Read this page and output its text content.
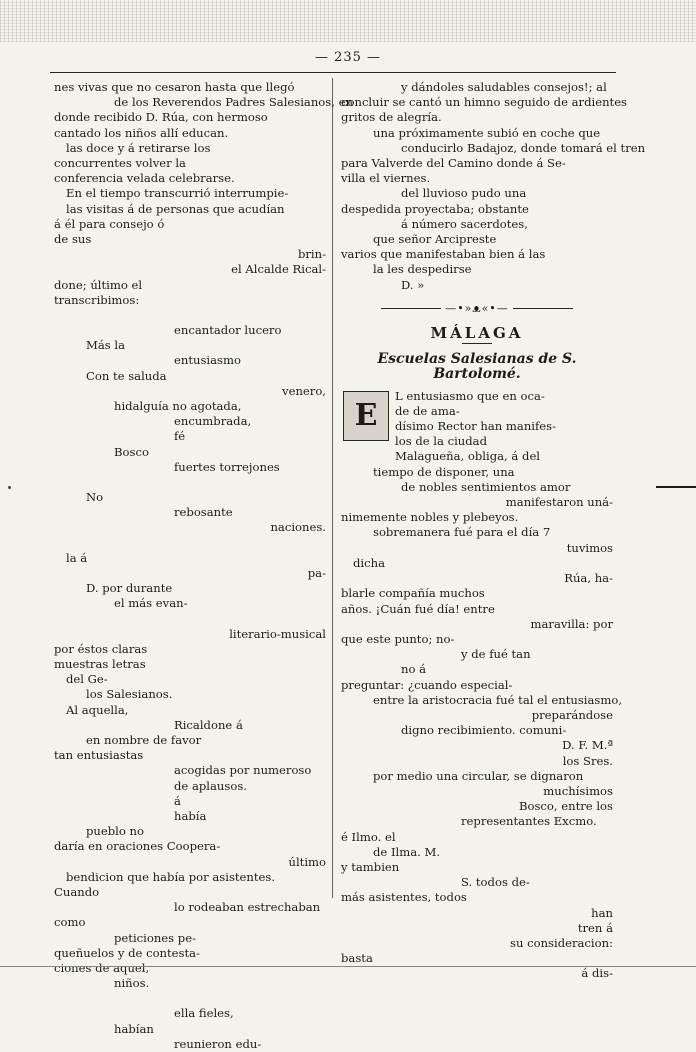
— 235 —

nes vivas que no cesaron hasta que llegó

de los Reverendos Padres Salesianos, en

donde recibido D. Rúa, con hermoso

cantado los niños allí educan.

las doce y á retirarse los

concurrentes volver la

conferencia velada celebrarse.

En el tiempo transcurrió interrumpie-

las visitas á de personas que acudían

á él para consejo ó

de sus

brin-

el Alcalde Rical-

done; último el

transcribimos:

encantador lucero

Más la

entusiasmo

Con te saluda

venero,

hidalguía no agotada,

encumbrada,

fé

Bosco

fuertes torrejones

No

rebosante

naciones.

la á

pa-

D. por durante

el más evan-

literario-musical

por éstos claras

muestras letras

del Ge-

los Salesianos.

Al aquella,

Ricaldone á

en nombre de favor

tan entusiastas

acogidas por numeroso

de aplausos.

á

había

pueblo no

daría en oraciones Coopera-

último

bendicion que había por asistentes.

Cuando

lo rodeaban estrechaban

como

peticiones pe-

queñuelos y de contesta-

ciones de aquel,

niños.

ella fieles,

habían

reunieron edu-

y dándoles saludables consejos!; al

concluir se cantó un himno seguido de ardientes

gritos de alegría.

una próximamente subió en coche que

conducirlo Badajoz, donde tomará el tren

para Valverde del Camino donde á Se-

villa el viernes.

del lluvioso pudo una

despedida proyectaba; obstante

á número sacerdotes,

que señor Arcipreste

varios que manifestaban bien á las

la les despedirse

D. »

—•»ᴥ«•—
MÁLAGA
Escuelas Salesianas de S. Bartolomé.
E

L entusiasmo que en oca-

de de ama-

dísimo Rector han manifes-

los de la ciudad

Malagueña, obliga, á del

tiempo de disponer, una

de nobles sentimientos amor

manifestaron uná-

nimemente nobles y plebeyos.

sobremanera fué para el día 7

tuvimos

dicha

Rúa, ha-

blarle compañía muchos

años. ¡Cuán fué día! entre

maravilla: por

que este punto; no-

y de fué tan

no á

preguntar: ¿cuando especial-

entre la aristocracia fué tal el entusiasmo,

preparándose

digno recibimiento. comuni-

D. F. M.ª

los Sres.

por medio una circular, se dignaron

muchísimos

Bosco, entre los

representantes Excmo.

é Ilmo. el

de Ilma. M.

y tambien

S. todos de-

más asistentes, todos

han

tren á

su consideracion:

basta

á dis-
